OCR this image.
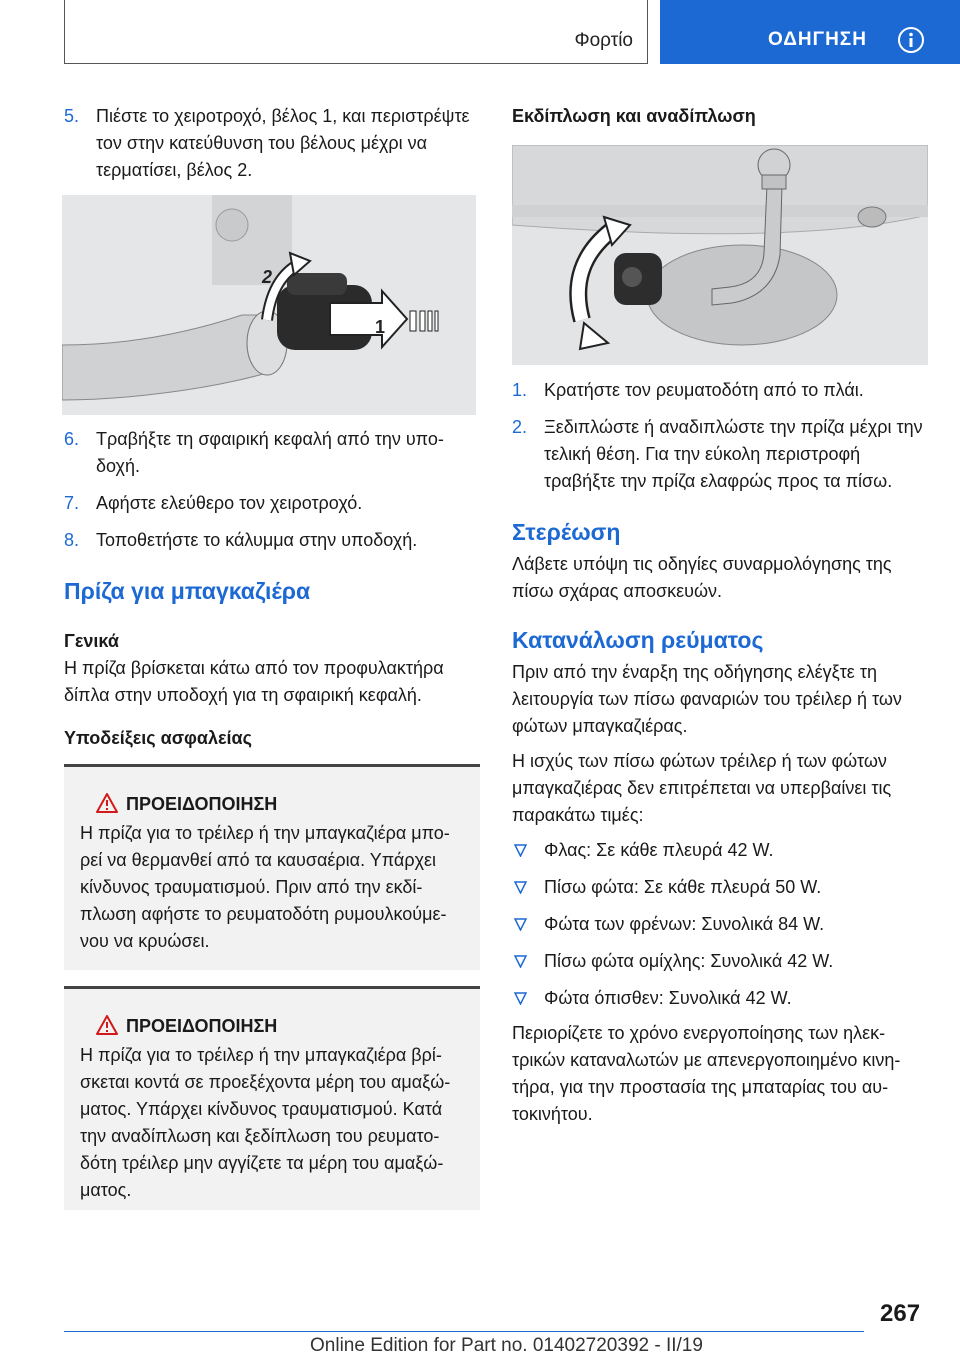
Φορτίο	ΟΔΗΓΗΣΗ

5. Πιέστε το χειροτροχό, βέλος 1, και περιστρέψτε τον στην κατεύθυνση του βέλους μέχρι να τερματίσει, βέλος 2.

2
1

6. Τραβήξτε τη σφαιρική κεφαλή από την υποδοχή.

7. Αφήστε ελεύθερο τον χειροτροχό.

8. Τοποθετήστε το κάλυμμα στην υποδοχή.

Πρίζα για μπαγκαζιέρα
Γενικά
Η πρίζα βρίσκεται κάτω από τον προφυλακτήρα δίπλα στην υποδοχή για τη σφαιρική κεφαλή.
Υποδείξεις ασφαλείας
ΠΡΟΕΙΔΟΠΟΙΗΣΗ
Η πρίζα για το τρέιλερ ή την μπαγκαζιέρα μπορεί να θερμανθεί από τα καυσαέρια. Υπάρχει κίνδυνος τραυματισμού. Πριν από την εκδίπλωση αφήστε το ρευματοδότη ρυμουλκούμενου να κρυώσει.
ΠΡΟΕΙΔΟΠΟΙΗΣΗ
Η πρίζα για το τρέιλερ ή την μπαγκαζιέρα βρίσκεται κοντά σε προεξέχοντα μέρη του αμαξώματος. Υπάρχει κίνδυνος τραυματισμού. Κατά την αναδίπλωση και ξεδίπλωση του ρευματοδότη τρέιλερ μην αγγίζετε τα μέρη του αμαξώματος.
Εκδίπλωση και αναδίπλωση

1. Κρατήστε τον ρευματοδότη από το πλάι.

2. Ξεδιπλώστε ή αναδιπλώστε την πρίζα μέχρι την τελική θέση. Για την εύκολη περιστροφή τραβήξτε την πρίζα ελαφρώς προς τα πίσω.

Στερέωση
Λάβετε υπόψη τις οδηγίες συναρμολόγησης της πίσω σχάρας αποσκευών.
Κατανάλωση ρεύματος
Πριν από την έναρξη της οδήγησης ελέγξτε τη λειτουργία των πίσω φαναριών του τρέιλερ ή των φώτων μπαγκαζιέρας.
Η ισχύς των πίσω φώτων τρέιλερ ή των φώτων μπαγκαζιέρας δεν επιτρέπεται να υπερβαίνει τις παρακάτω τιμές:

Φλας: Σε κάθε πλευρά 42 W.

Πίσω φώτα: Σε κάθε πλευρά 50 W.

Φώτα των φρένων: Συνολικά 84 W.

Πίσω φώτα ομίχλης: Συνολικά 42 W.

Φώτα όπισθεν: Συνολικά 42 W.

Περιορίζετε το χρόνο ενεργοποίησης των ηλεκτρικών καταναλωτών με απενεργοποιημένο κινητήρα, για την προστασία της μπαταρίας του αυτοκινήτου.
267
Online Edition for Part no. 01402720392 - II/19
